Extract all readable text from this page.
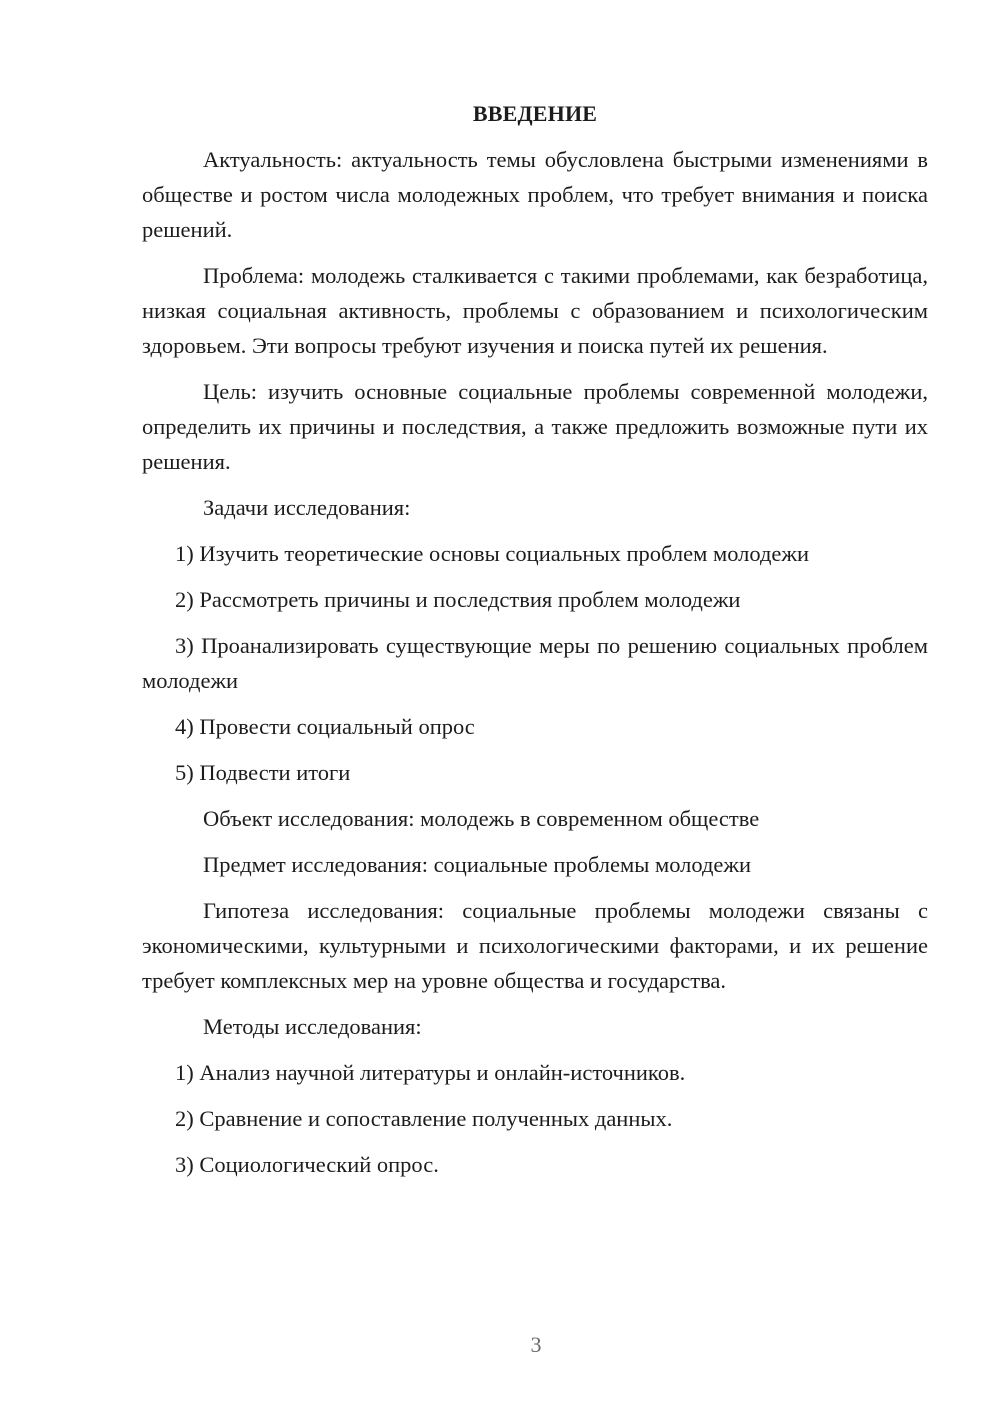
ВВЕДЕНИЕ
Актуальность: актуальность темы обусловлена быстрыми изменениями в обществе и ростом числа молодежных проблем, что требует внимания и поиска решений.
Проблема: молодежь сталкивается с такими проблемами, как безработица, низкая социальная активность, проблемы с образованием и психологическим здоровьем. Эти вопросы требуют изучения и поиска путей их решения.
Цель: изучить основные социальные проблемы современной молодежи, определить их причины и последствия, а также предложить возможные пути их решения.
Задачи исследования:
1) Изучить теоретические основы социальных проблем молодежи
2) Рассмотреть причины и последствия проблем молодежи
3) Проанализировать существующие меры по решению социальных проблем молодежи
4) Провести социальный опрос
5) Подвести итоги
Объект исследования: молодежь в современном обществе
Предмет исследования: социальные проблемы молодежи
Гипотеза исследования: социальные проблемы молодежи связаны с экономическими, культурными и психологическими факторами, и их решение требует комплексных мер на уровне общества и государства.
Методы исследования:
1) Анализ научной литературы и онлайн-источников.
2) Сравнение и сопоставление полученных данных.
3) Социологический опрос.
3
